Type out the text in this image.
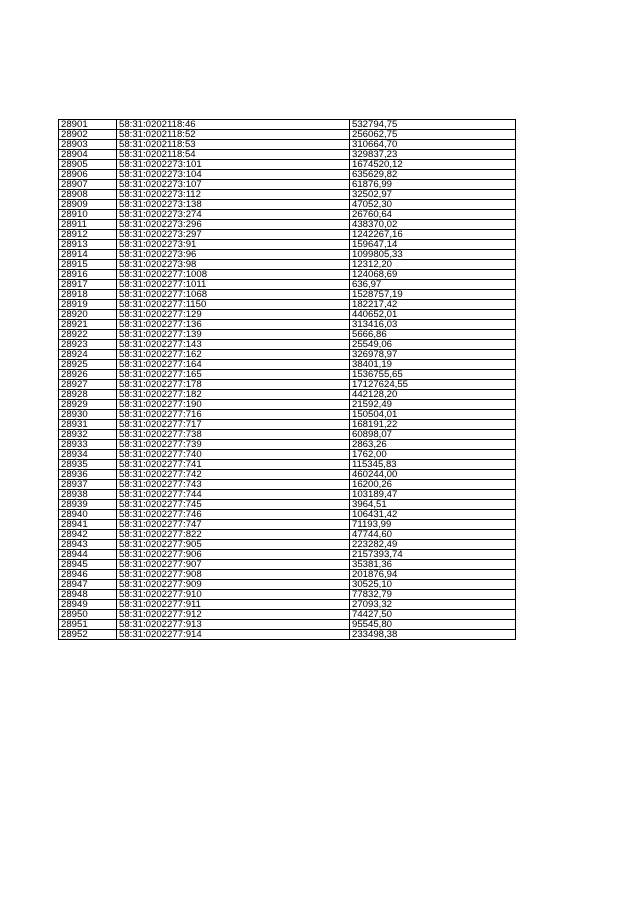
28901	58:31:0202118:46	532794,75
28902	58:31:0202118:52	256062,75
28903	58:31:0202118:53	310664,70
28904	58:31:0202118:54	329837,23
28905	58:31:0202273:101	1674520,12
28906	58:31:0202273:104	635629,82
28907	58:31:0202273:107	61876,99
28908	58:31:0202273:112	32502,97
28909	58:31:0202273:138	47052,30
28910	58:31:0202273:274	26760,64
28911	58:31:0202273:296	438370,02
28912	58:31:0202273:297	1242267,16
28913	58:31:0202273:91	159647,14
28914	58:31:0202273:96	1099805,33
28915	58:31:0202273:98	12312,20
28916	58:31:0202277:1008	124068,69
28917	58:31:0202277:1011	636,97
28918	58:31:0202277:1068	1528757,19
28919	58:31:0202277:1150	182217,42
28920	58:31:0202277:129	440652,01
28921	58:31:0202277:136	313416,03
28922	58:31:0202277:139	5666,86
28923	58:31:0202277:143	25549,06
28924	58:31:0202277:162	326978,97
28925	58:31:0202277:164	38401,19
28926	58:31:0202277:165	1536755,65
28927	58:31:0202277:178	17127624,55
28928	58:31:0202277:182	442128,20
28929	58:31:0202277:190	21592,49
28930	58:31:0202277:716	150504,01
28931	58:31:0202277:717	168191,22
28932	58:31:0202277:738	60898,07
28933	58:31:0202277:739	2863,26
28934	58:31:0202277:740	1762,00
28935	58:31:0202277:741	115345,83
28936	58:31:0202277:742	460244,00
28937	58:31:0202277:743	16200,26
28938	58:31:0202277:744	103189,47
28939	58:31:0202277:745	3964,51
28940	58:31:0202277:746	106431,42
28941	58:31:0202277:747	71193,99
28942	58:31:0202277:822	47744,60
28943	58:31:0202277:905	223282,49
28944	58:31:0202277:906	2157393,74
28945	58:31:0202277:907	35381,36
28946	58:31:0202277:908	201876,94
28947	58:31:0202277:909	30525,10
28948	58:31:0202277:910	77832,79
28949	58:31:0202277:911	27093,32
28950	58:31:0202277:912	74427,50
28951	58:31:0202277:913	95545,80
28952	58:31:0202277:914	233498,38
